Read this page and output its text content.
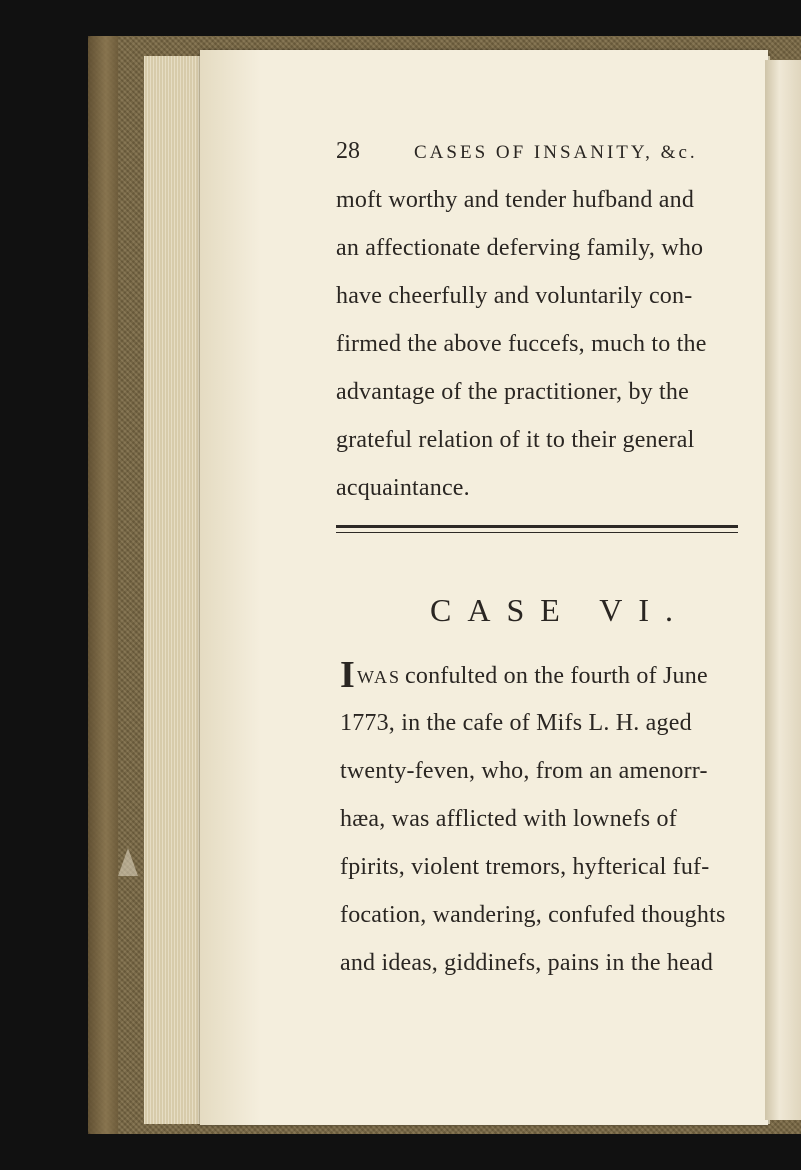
28	CASES OF INSANITY, &c.
moft worthy and tender hufband and
an affectionate deferving family, who
have cheerfully and voluntarily con-
firmed the above fuccefs, much to the
advantage of the practitioner, by the
grateful relation of it to their general
acquaintance.
CASE VI.
IWAS confulted on the fourth of June
1773, in the cafe of Mifs L. H. aged
twenty-feven, who, from an amenorr-
hæa, was afflicted with lownefs of
fpirits, violent tremors, hyfterical fuf-
focation, wandering, confufed thoughts
and ideas, giddinefs, pains in the head
